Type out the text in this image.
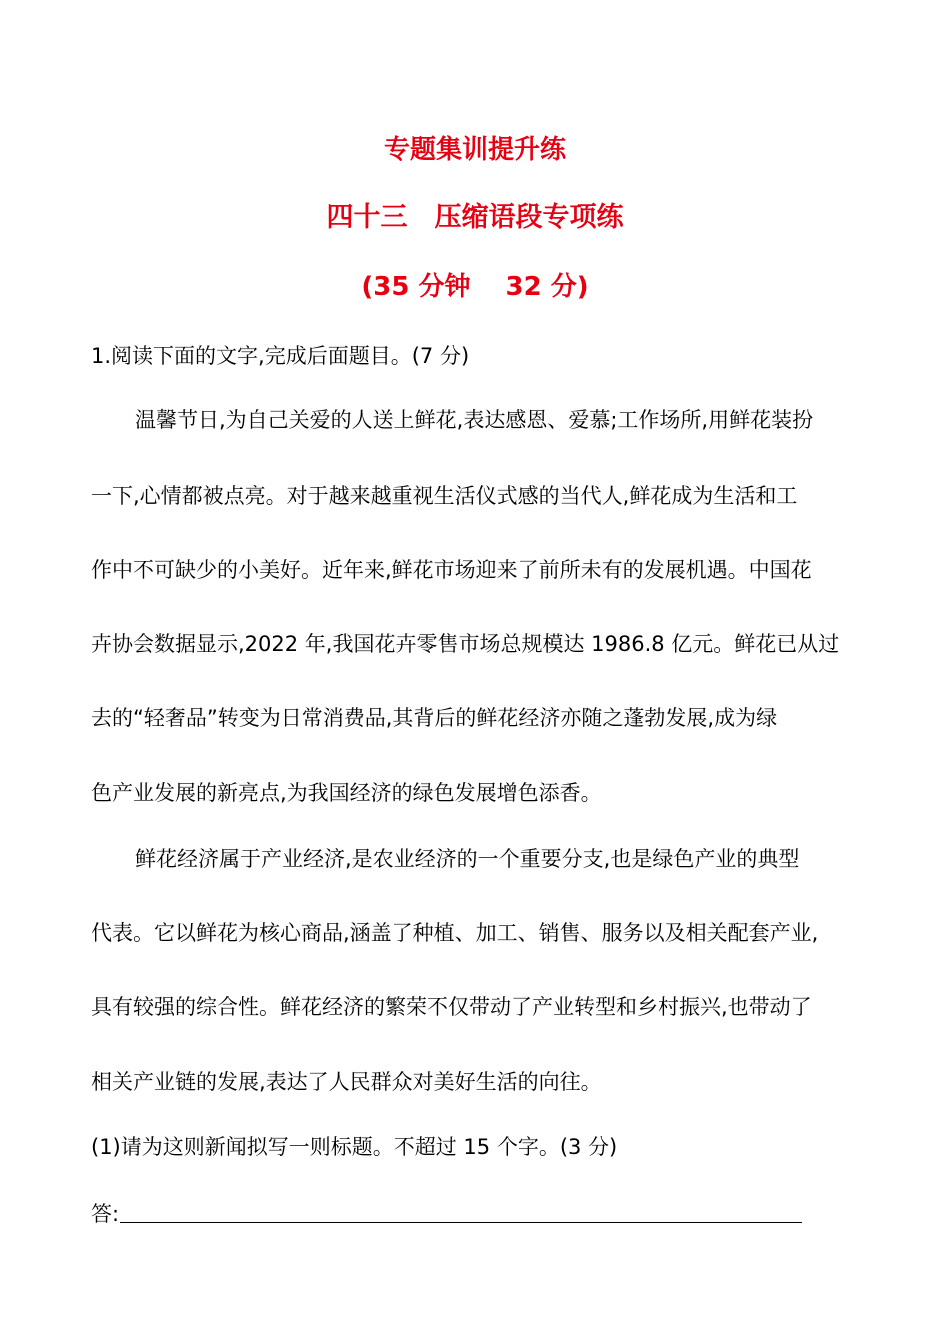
专题集训提升练
四十三　压缩语段专项练
(35 分钟　 32 分)
1.阅读下面的文字,完成后面题目。(7 分)
温馨节日,为自己关爱的人送上鲜花,表达感恩、爱慕;工作场所,用鲜花装扮
一下,心情都被点亮。对于越来越重视生活仪式感的当代人,鲜花成为生活和工
作中不可缺少的小美好。近年来,鲜花市场迎来了前所未有的发展机遇。中国花
卉协会数据显示,2022 年,我国花卉零售市场总规模达 1986.8 亿元。鲜花已从过
去的“轻奢品”转变为日常消费品,其背后的鲜花经济亦随之蓬勃发展,成为绿
色产业发展的新亮点,为我国经济的绿色发展增色添香。
鲜花经济属于产业经济,是农业经济的一个重要分支,也是绿色产业的典型
代表。它以鲜花为核心商品,涵盖了种植、加工、销售、服务以及相关配套产业,
具有较强的综合性。鲜花经济的繁荣不仅带动了产业转型和乡村振兴,也带动了
相关产业链的发展,表达了人民群众对美好生活的向往。
(1)请为这则新闻拟写一则标题。不超过 15 个字。(3 分)
答:
